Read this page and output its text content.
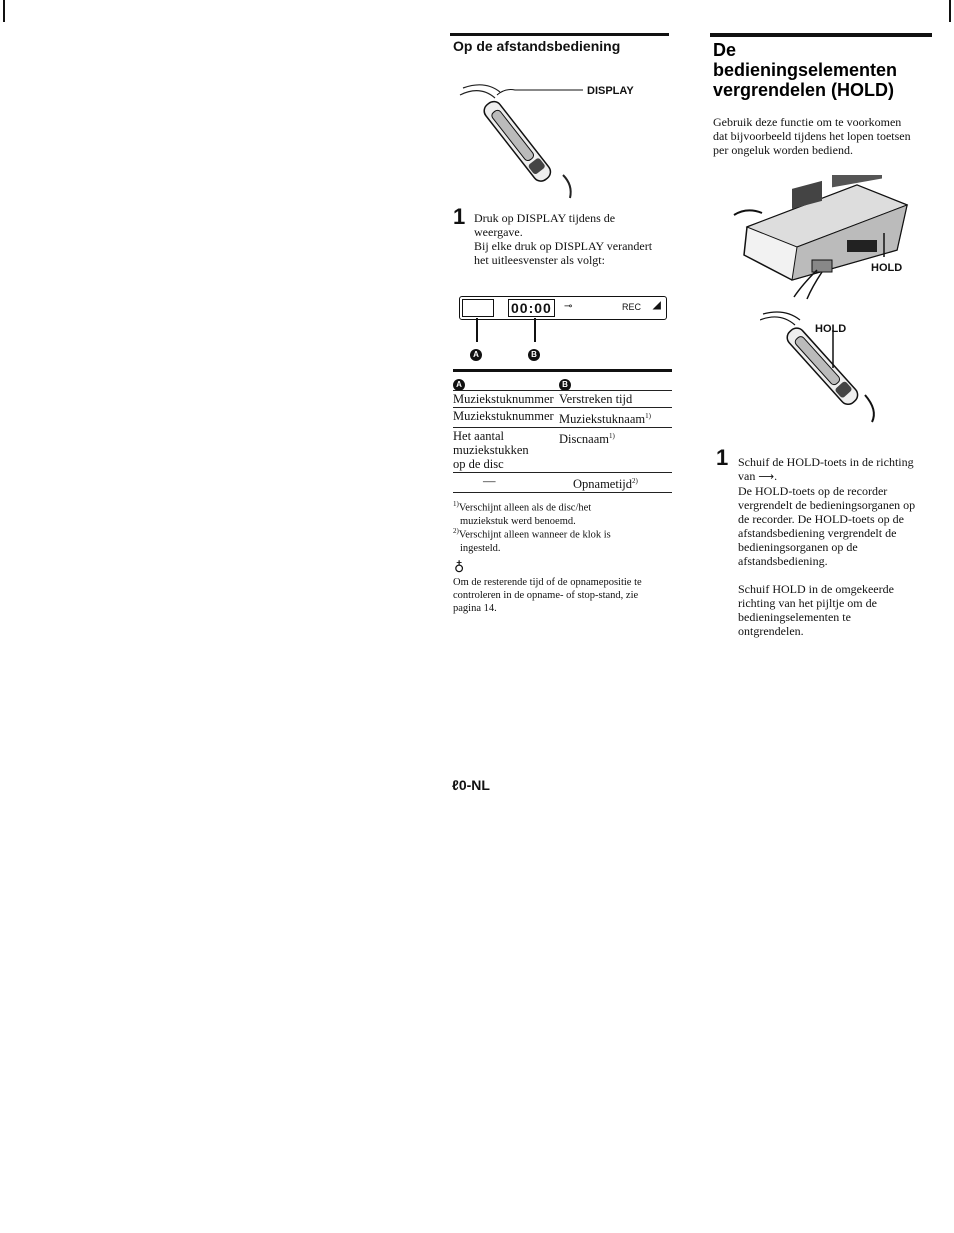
Op de afstandsbediening
DISPLAY
1 Druk op DISPLAY tijdens de
weergave.
Bij elke druk op DISPLAY verandert
het uitleesvenster als volgt:
00:00	⊸	REC ◢
A	B
A	B
Muziekstuknummer	Verstreken tijd
Muziekstuknummer	Muziekstuknaam$^{1)}$

Het aantal
muziekstukken
op de disc	Discnaam$^{1)}$
—	Opnametijd$^{2)}$
$^{1)}$Verschijnt alleen als de disc/het
muziekstuk werd benoemd.
$^{2)}$Verschijnt alleen wanneer de klok is
ingesteld.
♁
Om de resterende tijd of de opnamepositie te
controleren in de opname- of stop-stand, zie
pagina 14.
ℓ0-NL
De
bedieningselementen
vergrendelen (HOLD)
Gebruik deze functie om te voorkomen
dat bijvoorbeeld tijdens het lopen toetsen
per ongeluk worden bediend.
HOLD
HOLD
1 Schuif de HOLD-toets in de richting
van ⟶.
De HOLD-toets op de recorder
vergrendelt de bedieningsorganen op
de recorder. De HOLD-toets op de
afstandsbediening vergrendelt de
bedieningsorganen op de
afstandsbediening.
Schuif HOLD in de omgekeerde
richting van het pijltje om de
bedieningselementen te
ontgrendelen.
